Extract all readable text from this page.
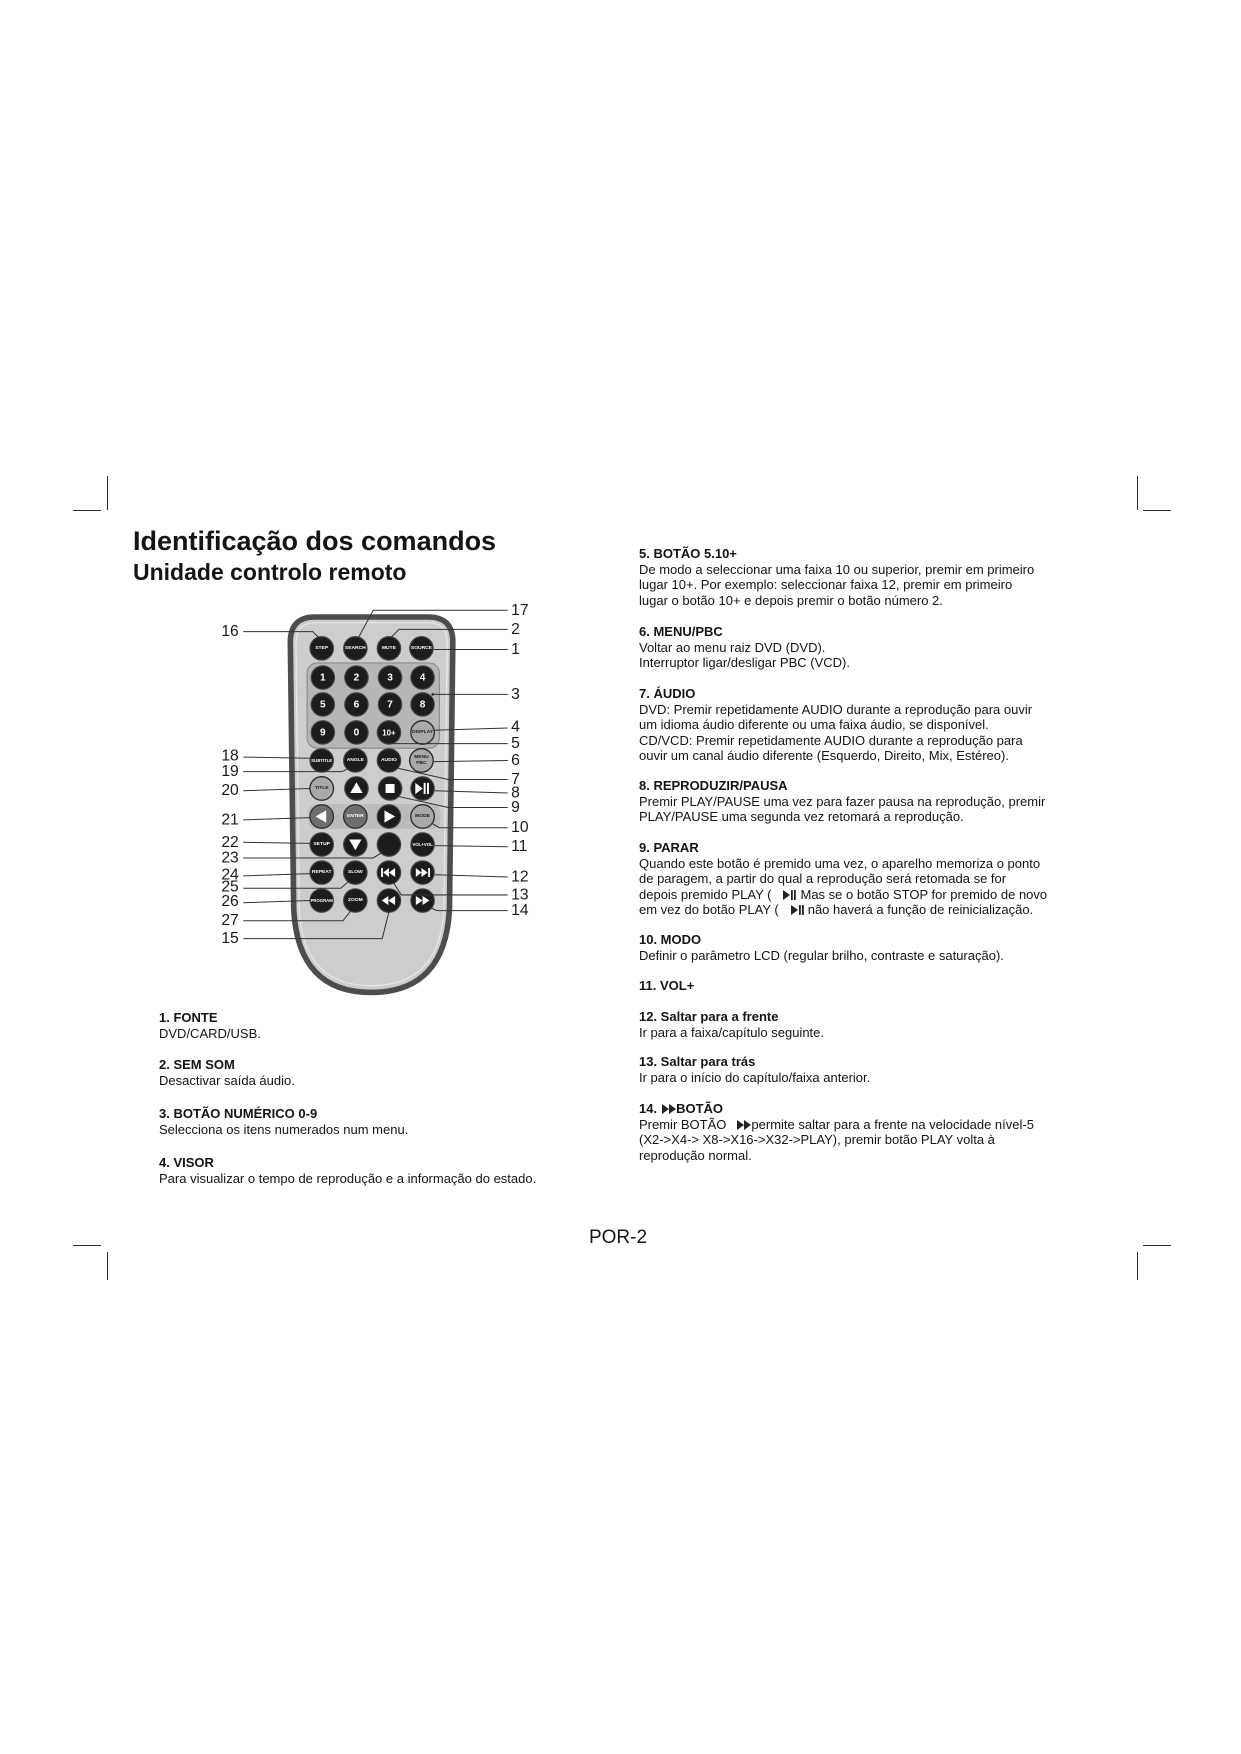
Identificação dos comandos
Unidade controlo remoto
STEP	SEARCH	MUTE	SOURCE
1	2	3	4
5	6	7	8
9	0	10+	DISPLAY
SUBTITLE	ANGLE	AUDIO
MENU
PBC
TITLE
ENTER	MODE
SETUP	VOL+VOL
REPEAT	SLOW
PROGRAM	ZOOM
16
18
19
20
21
22
23
24
25
26
27
15
17
2
1
3
4
5
6
7
8
9
10
11
12
13
14
1. FONTE
DVD/CARD/USB.
2. SEM SOM
Desactivar saída áudio.
3. BOTÃO NUMÉRICO 0-9
Selecciona os itens numerados num menu.
4. VISOR
Para visualizar o tempo de reprodução e a informação do estado.
5. BOTÃO 5.10+
De modo a seleccionar uma faixa 10 ou superior, premir em primeiro
lugar 10+. Por exemplo: seleccionar faixa 12, premir em primeiro
lugar o botão 10+ e depois premir o botão número 2.
6. MENU/PBC
Voltar ao menu raiz DVD (DVD).
Interruptor ligar/desligar PBC (VCD).
7. ÁUDIO
DVD: Premir repetidamente AUDIO durante a reprodução para ouvir
um idioma áudio diferente ou uma faixa áudio, se disponível.
CD/VCD: Premir repetidamente AUDIO durante a reprodução para
ouvir um canal áudio diferente (Esquerdo, Direito, Mix, Estéreo).
8. REPRODUZIR/PAUSA
Premir PLAY/PAUSE uma vez para fazer pausa na reprodução, premir
PLAY/PAUSE uma segunda vez retomará a reprodução.
9. PARAR
Quando este botão é premido uma vez, o aparelho memoriza o ponto
de paragem, a partir do qual a reprodução será retomada se for
depois premido PLAY ( Mas se o botão STOP for premido de novo
em vez do botão PLAY ( não haverá a função de reinicialização.
10. MODO
Definir o parâmetro LCD (regular brilho, contraste e saturação).
11. VOL+
12. Saltar para a frente
Ir para a faixa/capítulo seguinte.
13. Saltar para trás
Ir para o início do capítulo/faixa anterior.
14. BOTÃO
Premir BOTÃO permite saltar para a frente na velocidade nível-5
(X2->X4-> X8->X16->X32->PLAY), premir botão PLAY volta à
reprodução normal.
POR-2
